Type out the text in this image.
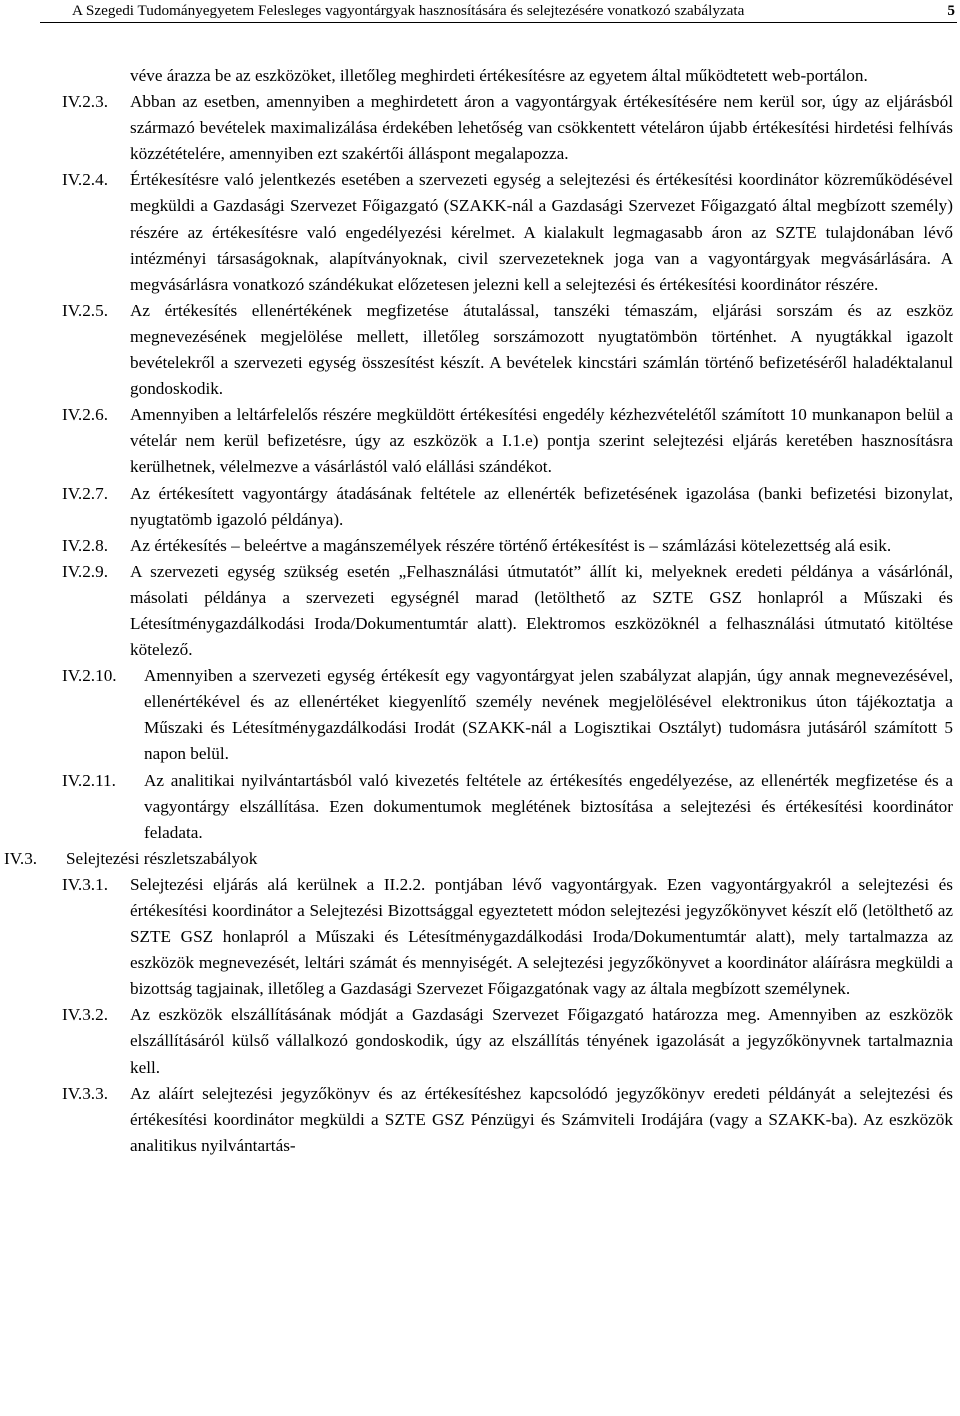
A Szegedi Tudományegyetem Felesleges vagyontárgyak hasznosítására és selejtezésére vonatkozó szabályzata	5
véve árazza be az eszközöket, illetőleg meghirdeti értékesítésre az egyetem által működtetett web-portálon.
IV.2.3.	Abban az esetben, amennyiben a meghirdetett áron a vagyontárgyak értékesítésére nem kerül sor, úgy az eljárásból származó bevételek maximalizálása érdekében lehetőség van csökkentett vételáron újabb értékesítési hirdetési felhívás közzétételére, amennyiben ezt szakértői álláspont megalapozza.
IV.2.4.	Értékesítésre való jelentkezés esetében a szervezeti egység a selejtezési és értékesítési koordinátor közreműködésével megküldi a Gazdasági Szervezet Főigazgató (SZAKK-nál a Gazdasági Szervezet Főigazgató által megbízott személy) részére az értékesítésre való engedélyezési kérelmet. A kialakult legmagasabb áron az SZTE tulajdonában lévő intézményi társaságoknak, alapítványoknak, civil szervezeteknek joga van a vagyontárgyak megvásárlására. A megvásárlásra vonatkozó szándékukat előzetesen jelezni kell a selejtezési és értékesítési koordinátor részére.
IV.2.5.	Az értékesítés ellenértékének megfizetése átutalással, tanszéki témaszám, eljárási sorszám és az eszköz megnevezésének megjelölése mellett, illetőleg sorszámozott nyugtatömbön történhet. A nyugtákkal igazolt bevételekről a szervezeti egység összesítést készít. A bevételek kincstári számlán történő befizetéséről haladéktalanul gondoskodik.
IV.2.6.	Amennyiben a leltárfelelős részére megküldött értékesítési engedély kézhezvételétől számított 10 munkanapon belül a vételár nem kerül befizetésre, úgy az eszközök a I.1.e) pontja szerint selejtezési eljárás keretében hasznosításra kerülhetnek, vélelmezve a vásárlástól való elállási szándékot.
IV.2.7.	Az értékesített vagyontárgy átadásának feltétele az ellenérték befizetésének igazolása (banki befizetési bizonylat, nyugtatömb igazoló példánya).
IV.2.8.	Az értékesítés – beleértve a magánszemélyek részére történő értékesítést is – számlázási kötelezettség alá esik.
IV.2.9.	A szervezeti egység szükség esetén „Felhasználási útmutatót” állít ki, melyeknek eredeti példánya a vásárlónál, másolati példánya a szervezeti egységnél marad (letölthető az SZTE GSZ honlapról a Műszaki és Létesítménygazdálkodási Iroda/Dokumentumtár alatt). Elektromos eszközöknél a felhasználási útmutató kitöltése kötelező.
IV.2.10.	Amennyiben a szervezeti egység értékesít egy vagyontárgyat jelen szabályzat alapján, úgy annak megnevezésével, ellenértékével és az ellenértéket kiegyenlítő személy nevének megjelölésével elektronikus úton tájékoztatja a Műszaki és Létesítménygazdálkodási Irodát (SZAKK-nál a Logisztikai Osztályt) tudomásra jutásáról számított 5 napon belül.
IV.2.11.	Az analitikai nyilvántartásból való kivezetés feltétele az értékesítés engedélyezése, az ellenérték megfizetése és a vagyontárgy elszállítása. Ezen dokumentumok meglétének biztosítása a selejtezési és értékesítési koordinátor feladata.
IV.3.	Selejtezési részletszabályok
IV.3.1.	Selejtezési eljárás alá kerülnek a II.2.2. pontjában lévő vagyontárgyak. Ezen vagyontárgyakról a selejtezési és értékesítési koordinátor a Selejtezési Bizottsággal egyeztetett módon selejtezési jegyzőkönyvet készít elő (letölthető az SZTE GSZ honlapról a Műszaki és Létesítménygazdálkodási Iroda/Dokumentumtár alatt), mely tartalmazza az eszközök megnevezését, leltári számát és mennyiségét. A selejtezési jegyzőkönyvet a koordinátor aláírásra megküldi a bizottság tagjainak, illetőleg a Gazdasági Szervezet Főigazgatónak vagy az általa megbízott személynek.
IV.3.2.	Az eszközök elszállításának módját a Gazdasági Szervezet Főigazgató határozza meg. Amennyiben az eszközök elszállításáról külső vállalkozó gondoskodik, úgy az elszállítás tényének igazolását a jegyzőkönyvnek tartalmaznia kell.
IV.3.3.	Az aláírt selejtezési jegyzőkönyv és az értékesítéshez kapcsolódó jegyzőkönyv eredeti példányát a selejtezési és értékesítési koordinátor megküldi a SZTE GSZ Pénzügyi és Számviteli Irodájára (vagy a SZAKK-ba). Az eszközök analitikus nyilvántartás-
